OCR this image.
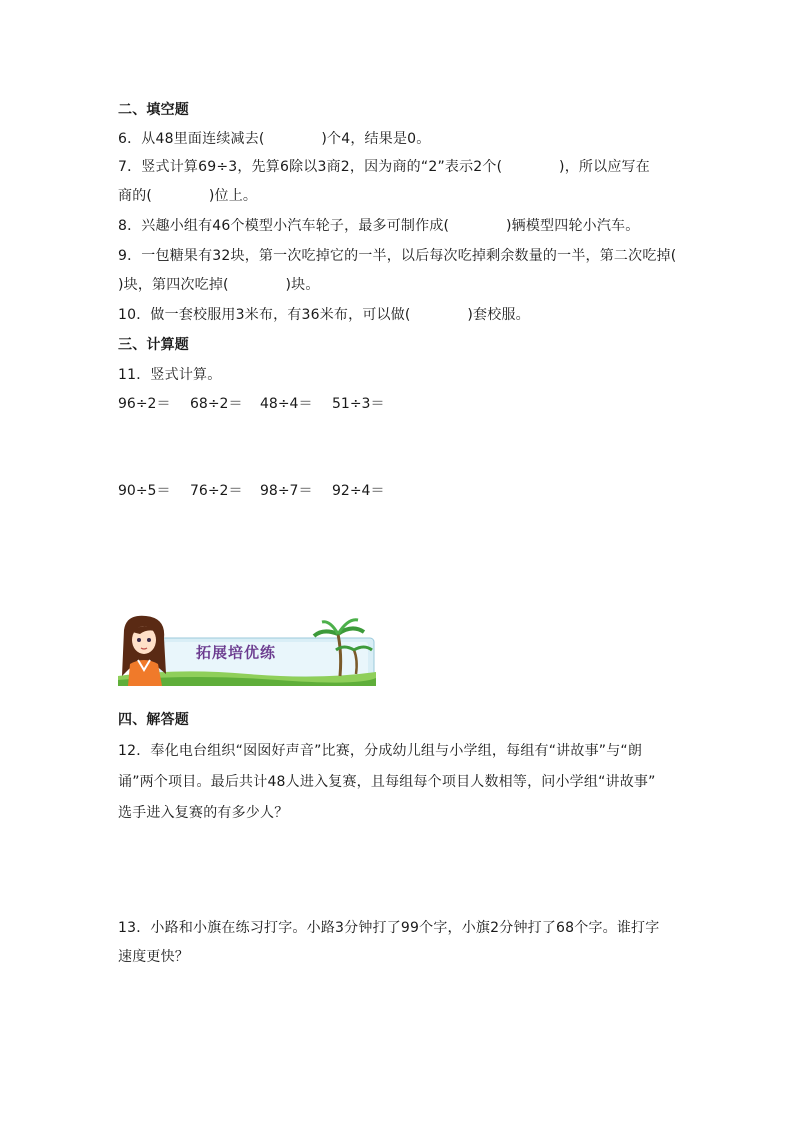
二、填空题
6．从48里面连续减去(　　　　)个4，结果是0。
7．竖式计算69÷3，先算6除以3商2，因为商的“2”表示2个(　　　　)，所以应写在
商的(　　　　)位上。
8．兴趣小组有46个模型小汽车轮子，最多可制作成(　　　　)辆模型四轮小汽车。
9．一包糖果有32块，第一次吃掉它的一半，以后每次吃掉剩余数量的一半，第二次吃掉(
)块，第四次吃掉(　　　　)块。
10．做一套校服用3米布，有36米布，可以做(　　　　)套校服。
三、计算题
11．竖式计算。
96÷2＝	68÷2＝	48÷4＝	51÷3＝
90÷5＝	76÷2＝	98÷7＝	92÷4＝
拓展培优练
四、解答题
12．奉化电台组织“囡囡好声音”比赛，分成幼儿组与小学组，每组有“讲故事”与“朗
诵”两个项目。最后共计48人进入复赛，且每组每个项目人数相等，问小学组“讲故事”
选手进入复赛的有多少人？
13．小路和小旗在练习打字。小路3分钟打了99个字，小旗2分钟打了68个字。谁打字
速度更快？
